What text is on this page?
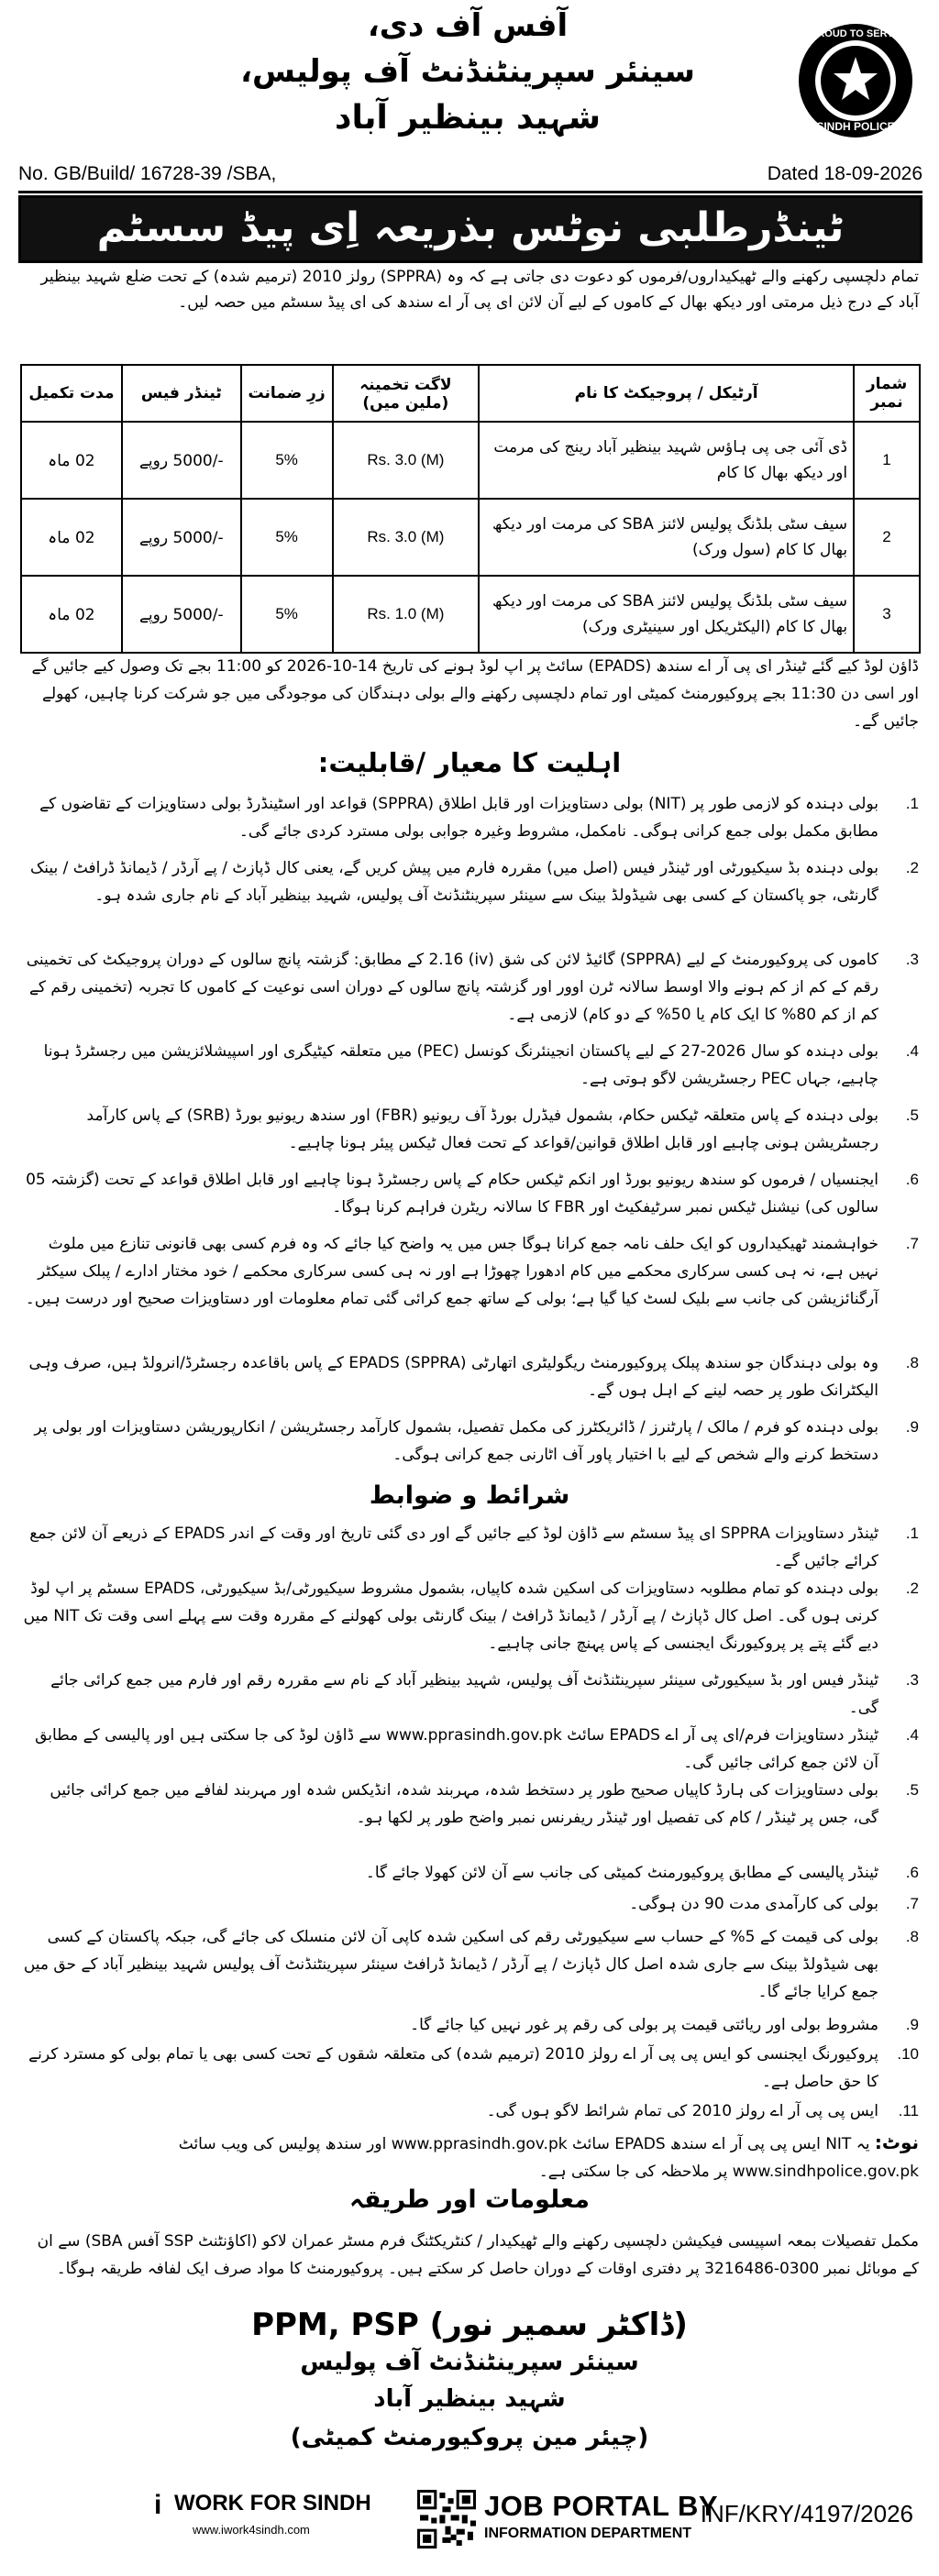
آفس آف دی،
سینئر سپرینٹنڈنٹ آف پولیس،
شہید بینظیر آباد
PROUD TO SERVE
SINDH POLICE
No. GB/Build/ 16728-39 /SBA,	Dated 18-09-2026
ٹینڈرطلبی نوٹس بذریعہ اِی پیڈ سسٹم
تمام دلچسپی رکھنے والے ٹھیکیداروں/فرموں کو دعوت دی جاتی ہے کہ وہ (SPPRA) رولز 2010 (ترمیم شدہ) کے تحت ضلع شہید بینظیر آباد کے درج ذیل مرمتی اور دیکھ بھال کے کاموں کے لیے آن لائن ای پی آر اے سندھ کی ای پیڈ سسٹم میں حصہ لیں۔
شمار نمبر	آرٹیکل / پروجیکٹ کا نام	لاگت تخمینہ (ملین میں)	زرِ ضمانت	ٹینڈر فیس	مدت تکمیل
1	ڈی آئی جی پی ہاؤس شہید بینظیر آباد رینج کی مرمت اور دیکھ بھال کا کام	Rs. 3.0 (M)	5%	-/5000 روپے	02 ماہ
2	سیف سٹی بلڈنگ پولیس لائنز SBA کی مرمت اور دیکھ بھال کا کام (سول ورک)	Rs. 3.0 (M)	5%	-/5000 روپے	02 ماہ
3	سیف سٹی بلڈنگ پولیس لائنز SBA کی مرمت اور دیکھ بھال کا کام (الیکٹریکل اور سینیٹری ورک)	Rs. 1.0 (M)	5%	-/5000 روپے	02 ماہ
ڈاؤن لوڈ کیے گئے ٹینڈر ای پی آر اے سندھ (EPADS) سائٹ پر اپ لوڈ ہونے کی تاریخ 14-10-2026 کو 11:00 بجے تک وصول کیے جائیں گے اور اسی دن 11:30 بجے پروکیورمنٹ کمیٹی اور تمام دلچسپی رکھنے والے بولی دہندگان کی موجودگی میں جو شرکت کرنا چاہیں، کھولے جائیں گے۔
اہلیت کا معیار /قابلیت:
1.
بولی دہندہ کو لازمی طور پر (NIT) بولی دستاویزات اور قابل اطلاق (SPPRA) قواعد اور اسٹینڈرڈ بولی دستاویزات کے تقاضوں کے مطابق مکمل بولی جمع کرانی ہوگی۔ نامکمل، مشروط وغیرہ جوابی بولی مسترد کردی جائے گی۔
2.
بولی دہندہ بڈ سیکیورٹی اور ٹینڈر فیس (اصل میں) مقررہ فارم میں پیش کریں گے، یعنی کال ڈپازٹ / پے آرڈر / ڈیمانڈ ڈرافٹ / بینک گارنٹی، جو پاکستان کے کسی بھی شیڈولڈ بینک سے سینئر سپرینٹنڈنٹ آف پولیس، شہید بینظیر آباد کے نام جاری شدہ ہو۔
3.
کاموں کی پروکیورمنٹ کے لیے (SPPRA) گائیڈ لائن کی شق (iv) 2.16 کے مطابق: گزشتہ پانچ سالوں کے دوران پروجیکٹ کی تخمینی رقم کے کم از کم ہونے والا اوسط سالانہ ٹرن اوور اور گزشتہ پانچ سالوں کے دوران اسی نوعیت کے کاموں کا تجربہ (تخمینی رقم کے کم از کم 80% کا ایک کام یا 50% کے دو کام) لازمی ہے۔
4.
بولی دہندہ کو سال 2026-27 کے لیے پاکستان انجینئرنگ کونسل (PEC) میں متعلقہ کیٹیگری اور اسپیشلائزیشن میں رجسٹرڈ ہونا چاہیے، جہاں PEC رجسٹریشن لاگو ہوتی ہے۔
5.
بولی دہندہ کے پاس متعلقہ ٹیکس حکام، بشمول فیڈرل بورڈ آف ریونیو (FBR) اور سندھ ریونیو بورڈ (SRB) کے پاس کارآمد رجسٹریشن ہونی چاہیے اور قابل اطلاق قوانین/قواعد کے تحت فعال ٹیکس پیئر ہونا چاہیے۔
6.
ایجنسیاں / فرموں کو سندھ ریونیو بورڈ اور انکم ٹیکس حکام کے پاس رجسٹرڈ ہونا چاہیے اور قابل اطلاق قواعد کے تحت (گزشتہ 05 سالوں کی) نیشنل ٹیکس نمبر سرٹیفکیٹ اور FBR کا سالانہ ریٹرن فراہم کرنا ہوگا۔
7.
خواہشمند ٹھیکیداروں کو ایک حلف نامہ جمع کرانا ہوگا جس میں یہ واضح کیا جائے کہ وہ فرم کسی بھی قانونی تنازع میں ملوث نہیں ہے، نہ ہی کسی سرکاری محکمے میں کام ادھورا چھوڑا ہے اور نہ ہی کسی سرکاری محکمے / خود مختار ادارے / پبلک سیکٹر آرگنائزیشن کی جانب سے بلیک لسٹ کیا گیا ہے؛ بولی کے ساتھ جمع کرائی گئی تمام معلومات اور دستاویزات صحیح اور درست ہیں۔
8.
وہ بولی دہندگان جو سندھ پبلک پروکیورمنٹ ریگولیٹری اتھارٹی (SPPRA) EPADS کے پاس باقاعدہ رجسٹرڈ/انرولڈ ہیں، صرف وہی الیکٹرانک طور پر حصہ لینے کے اہل ہوں گے۔
9.
بولی دہندہ کو فرم / مالک / پارٹنرز / ڈائریکٹرز کی مکمل تفصیل، بشمول کارآمد رجسٹریشن / انکارپوریشن دستاویزات اور بولی پر دستخط کرنے والے شخص کے لیے با اختیار پاور آف اٹارنی جمع کرانی ہوگی۔
شرائط و ضوابط
1.
ٹینڈر دستاویزات SPPRA ای پیڈ سسٹم سے ڈاؤن لوڈ کیے جائیں گے اور دی گئی تاریخ اور وقت کے اندر EPADS کے ذریعے آن لائن جمع کرائے جائیں گے۔
2.
بولی دہندہ کو تمام مطلوبہ دستاویزات کی اسکین شدہ کاپیاں، بشمول مشروط سیکیورٹی/بڈ سیکیورٹی، EPADS سسٹم پر اپ لوڈ کرنی ہوں گی۔ اصل کال ڈپازٹ / پے آرڈر / ڈیمانڈ ڈرافٹ / بینک گارنٹی بولی کھولنے کے مقررہ وقت سے پہلے اسی وقت تک NIT میں دیے گئے پتے پر پروکیورنگ ایجنسی کے پاس پہنچ جانی چاہیے۔
3.
ٹینڈر فیس اور بڈ سیکیورٹی سینئر سپرینٹنڈنٹ آف پولیس، شہید بینظیر آباد کے نام سے مقررہ رقم اور فارم میں جمع کرائی جائے گی۔
4.
ٹینڈر دستاویزات فرم/ای پی آر اے EPADS سائٹ www.pprasindh.gov.pk سے ڈاؤن لوڈ کی جا سکتی ہیں اور پالیسی کے مطابق آن لائن جمع کرائی جائیں گی۔
5.
بولی دستاویزات کی ہارڈ کاپیاں صحیح طور پر دستخط شدہ، مہربند شدہ، انڈیکس شدہ اور مہربند لفافے میں جمع کرائی جائیں گی، جس پر ٹینڈر / کام کی تفصیل اور ٹینڈر ریفرنس نمبر واضح طور پر لکھا ہو۔
6.
ٹینڈر پالیسی کے مطابق پروکیورمنٹ کمیٹی کی جانب سے آن لائن کھولا جائے گا۔
7.
بولی کی کارآمدی مدت 90 دن ہوگی۔
8.
بولی کی قیمت کے 5% کے حساب سے سیکیورٹی رقم کی اسکین شدہ کاپی آن لائن منسلک کی جائے گی، جبکہ پاکستان کے کسی بھی شیڈولڈ بینک سے جاری شدہ اصل کال ڈپازٹ / پے آرڈر / ڈیمانڈ ڈرافٹ سینئر سپرینٹنڈنٹ آف پولیس شہید بینظیر آباد کے حق میں جمع کرایا جائے گا۔
9.
مشروط بولی اور ریائتی قیمت پر بولی کی رقم پر غور نہیں کیا جائے گا۔
10.
پروکیورنگ ایجنسی کو ایس پی پی آر اے رولز 2010 (ترمیم شدہ) کی متعلقہ شقوں کے تحت کسی بھی یا تمام بولی کو مسترد کرنے کا حق حاصل ہے۔
11.
ایس پی پی آر اے رولز 2010 کی تمام شرائط لاگو ہوں گی۔
نوٹ: یہ NIT ایس پی پی آر اے سندھ EPADS سائٹ www.pprasindh.gov.pk اور سندھ پولیس کی ویب سائٹ www.sindhpolice.gov.pk پر ملاحظہ کی جا سکتی ہے۔
معلومات اور طریقہ
مکمل تفصیلات بمعہ اسپیسی فیکیشن دلچسپی رکھنے والے ٹھیکیدار / کنٹریکٹنگ فرم مسٹر عمران لاکو (اکاؤنٹنٹ SSP آفس SBA) سے ان کے موبائل نمبر 0300-3216486 پر دفتری اوقات کے دوران حاصل کر سکتے ہیں۔ پروکیورمنٹ کا مواد صرف ایک لفافہ طریقہ ہوگا۔
(ڈاکٹر سمیر نور) PPM, PSP
سینئر سپرینٹنڈنٹ آف پولیس
شہید بینظیر آباد
(چیئر مین پروکیورمنٹ کمیٹی)
i WORK FOR SINDH
www.iwork4sindh.com
JOB PORTAL BY
INFORMATION DEPARTMENT
INF/KRY/4197/2026
